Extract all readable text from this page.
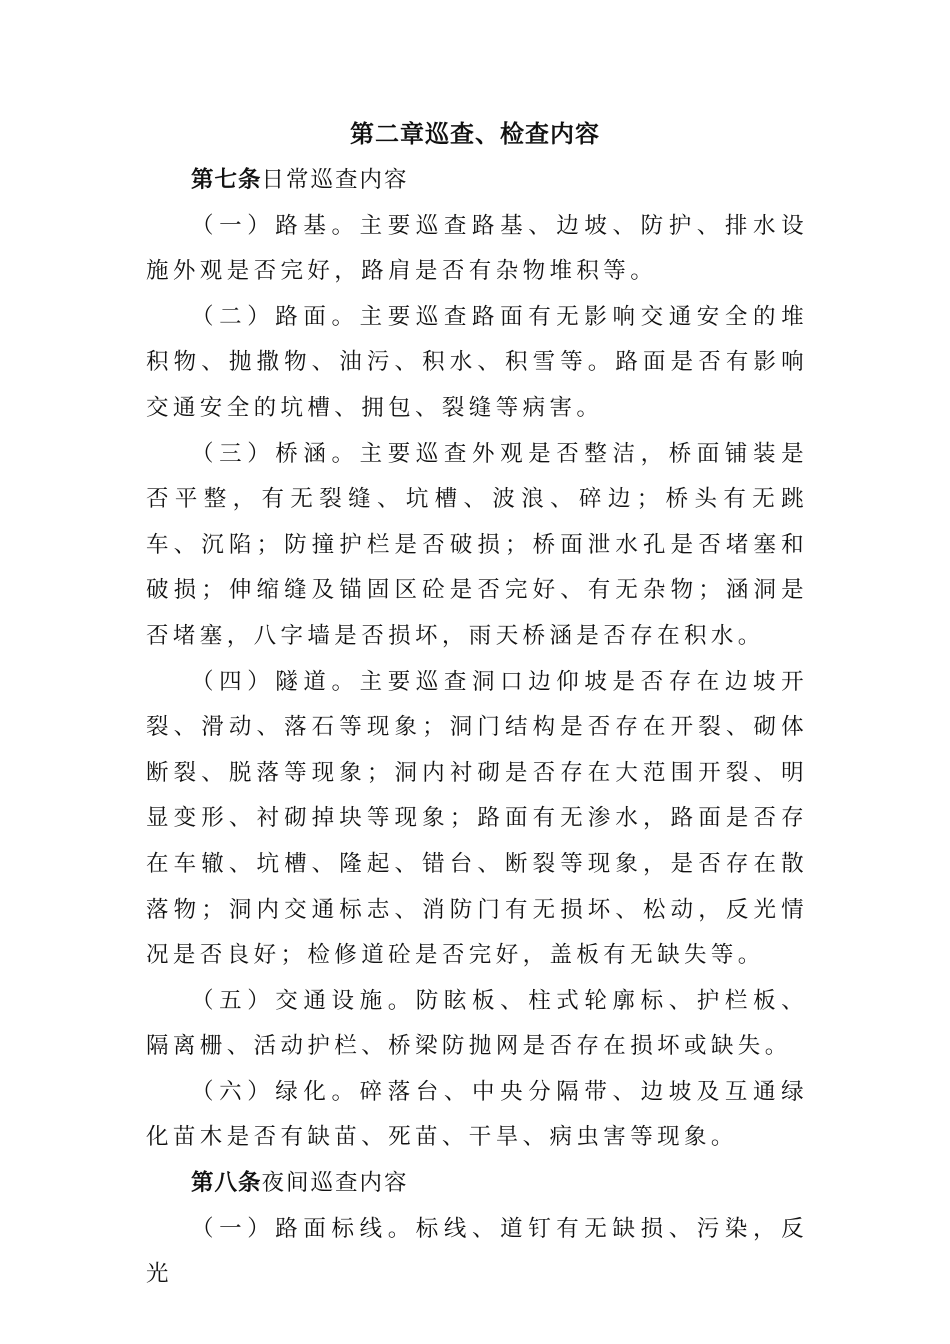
第二章巡查、检查内容

第七条日常巡查内容

（一）路基。主要巡查路基、边坡、防护、排水设施外观是否完好，路肩是否有杂物堆积等。

（二）路面。主要巡查路面有无影响交通安全的堆积物、抛撒物、油污、积水、积雪等。路面是否有影响交通安全的坑槽、拥包、裂缝等病害。

（三）桥涵。主要巡查外观是否整洁，桥面铺装是否平整，有无裂缝、坑槽、波浪、碎边；桥头有无跳车、沉陷；防撞护栏是否破损；桥面泄水孔是否堵塞和破损；伸缩缝及锚固区砼是否完好、有无杂物；涵洞是否堵塞，八字墙是否损坏，雨天桥涵是否存在积水。

（四）隧道。主要巡查洞口边仰坡是否存在边坡开裂、滑动、落石等现象；洞门结构是否存在开裂、砌体断裂、脱落等现象；洞内衬砌是否存在大范围开裂、明显变形、衬砌掉块等现象；路面有无渗水，路面是否存在车辙、坑槽、隆起、错台、断裂等现象，是否存在散落物；洞内交通标志、消防门有无损坏、松动，反光情况是否良好；检修道砼是否完好，盖板有无缺失等。

（五）交通设施。防眩板、柱式轮廓标、护栏板、隔离栅、活动护栏、桥梁防抛网是否存在损坏或缺失。

（六）绿化。碎落台、中央分隔带、边坡及互通绿化苗木是否有缺苗、死苗、干旱、病虫害等现象。

第八条夜间巡查内容

（一）路面标线。标线、道钉有无缺损、污染，反光
